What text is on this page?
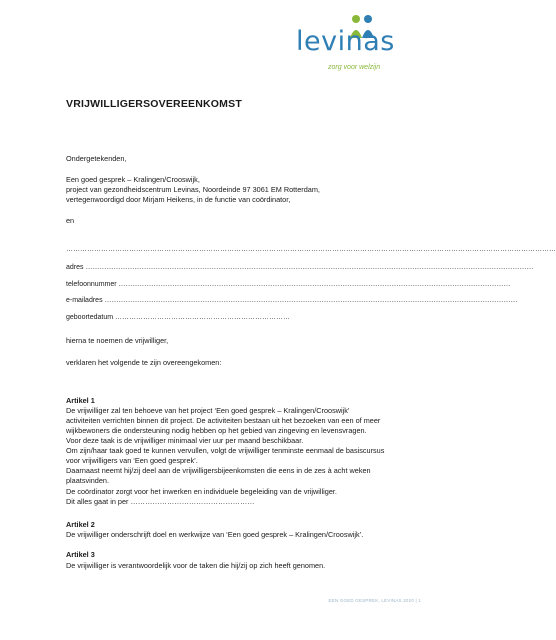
levinas
zorg voor welzijn
VRIJWILLIGERSOVEREENKOMST
Ondergetekenden,
Een goed gesprek – Kralingen/Crooswijk,
project van gezondheidscentrum Levinas, Noordeinde 97 3061 EM Rotterdam,
vertegenwoordigd door Mirjam Heikens, in de functie van coördinator,
en
…………………………………………………………………………………………………………………………………………………………………………………………
adres …………………………………………………………………………………………………………………………………………………………………………
telefoonnummer ……………………………………………………………………………………………………………………………………………………
e-mailadres ……………………………………………………………………………………………………………………………………………………………
geboortedatum …………………………………………………………………
hierna te noemen de vrijwilliger,
verklaren het volgende te zijn overeengekomen:
Artikel 1
De vrijwilliger zal ten behoeve van het project ‘Een goed gesprek – Kralingen/Crooswijk’
activiteiten verrichten binnen dit project. De activiteiten bestaan uit het bezoeken van een of meer
wijkbewoners die ondersteuning nodig hebben op het gebied van zingeving en levensvragen.
Voor deze taak is de vrijwilliger minimaal vier uur per maand beschikbaar.
Om zijn/haar taak goed te kunnen vervullen, volgt de vrijwilliger tenminste eenmaal de basiscursus
voor vrijwilligers van ‘Een goed gesprek’.
Daarnaast neemt hij/zij deel aan de vrijwilligersbijeenkomsten die eens in de zes à acht weken
plaatsvinden.
De coördinator zorgt voor het inwerken en individuele begeleiding van de vrijwilliger.
Dit alles gaat in per ……………………………………………
Artikel 2
De vrijwilliger onderschrijft doel en werkwijze van ‘Een goed gesprek – Kralingen/Crooswijk’.
Artikel 3
De vrijwilliger is verantwoordelijk voor de taken die hij/zij op zich heeft genomen.
EEN GOED GESPREK, LEVINAS 2020 | 1
